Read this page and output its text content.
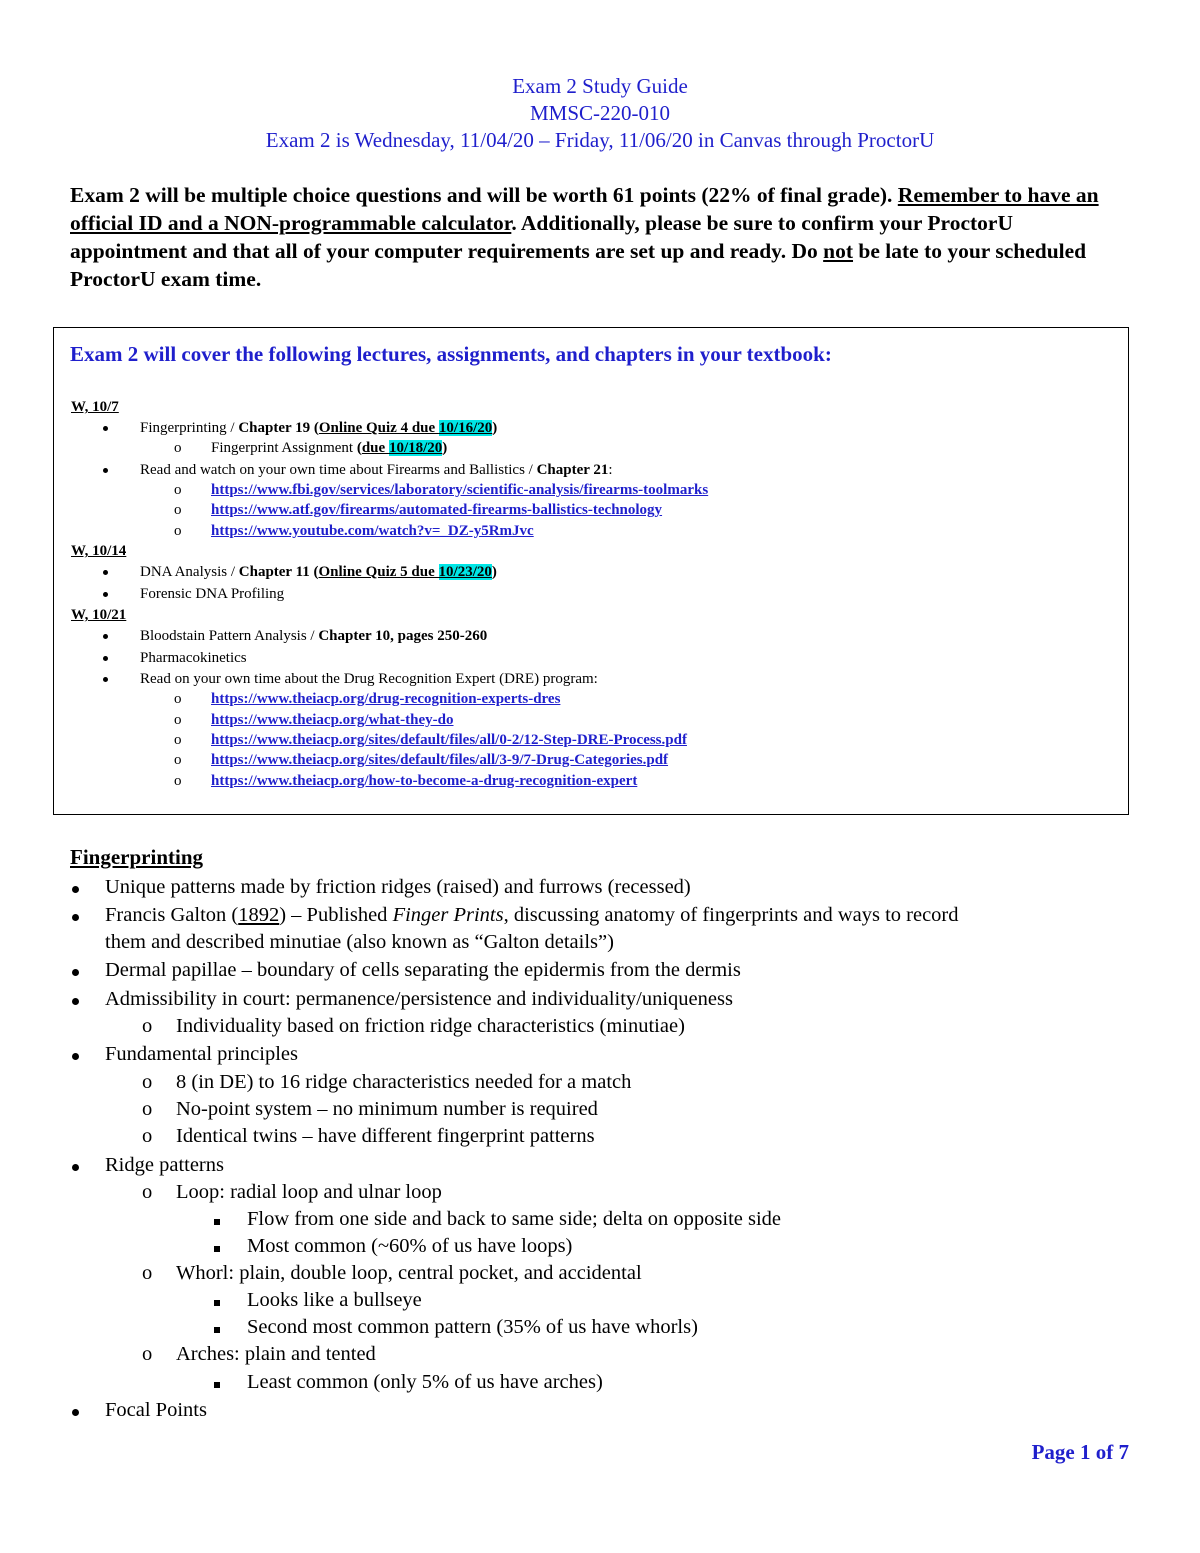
Exam 2 Study Guide
MMSC-220-010
Exam 2 is Wednesday, 11/04/20 – Friday, 11/06/20 in Canvas through ProctorU
Exam 2 will be multiple choice questions and will be worth 61 points (22% of final grade). Remember to have an official ID and a NON-programmable calculator. Additionally, please be sure to confirm your ProctorU appointment and that all of your computer requirements are set up and ready. Do not be late to your scheduled ProctorU exam time.
Exam 2 will cover the following lectures, assignments, and chapters in your textbook:
W, 10/7
Fingerprinting / Chapter 19 (Online Quiz 4 due 10/16/20)
o Fingerprint Assignment (due 10/18/20)
Read and watch on your own time about Firearms and Ballistics / Chapter 21:
o https://www.fbi.gov/services/laboratory/scientific-analysis/firearms-toolmarks
o https://www.atf.gov/firearms/automated-firearms-ballistics-technology
o https://www.youtube.com/watch?v=_DZ-y5RmJvc
W, 10/14
DNA Analysis / Chapter 11 (Online Quiz 5 due 10/23/20)
Forensic DNA Profiling
W, 10/21
Bloodstain Pattern Analysis / Chapter 10, pages 250-260
Pharmacokinetics
Read on your own time about the Drug Recognition Expert (DRE) program:
o https://www.theiacp.org/drug-recognition-experts-dres
o https://www.theiacp.org/what-they-do
o https://www.theiacp.org/sites/default/files/all/0-2/12-Step-DRE-Process.pdf
o https://www.theiacp.org/sites/default/files/all/3-9/7-Drug-Categories.pdf
o https://www.theiacp.org/how-to-become-a-drug-recognition-expert
Fingerprinting
Unique patterns made by friction ridges (raised) and furrows (recessed)
Francis Galton (1892) – Published Finger Prints, discussing anatomy of fingerprints and ways to record
them and described minutiae (also known as “Galton details”)
Dermal papillae – boundary of cells separating the epidermis from the dermis
Admissibility in court: permanence/persistence and individuality/uniqueness
o Individuality based on friction ridge characteristics (minutiae)
Fundamental principles
o 8 (in DE) to 16 ridge characteristics needed for a match
o No-point system – no minimum number is required
o Identical twins – have different fingerprint patterns
Ridge patterns
o Loop: radial loop and ulnar loop
Flow from one side and back to same side; delta on opposite side
Most common (~60% of us have loops)
o Whorl: plain, double loop, central pocket, and accidental
Looks like a bullseye
Second most common pattern (35% of us have whorls)
o Arches: plain and tented
Least common (only 5% of us have arches)
Focal Points
Page 1 of 7
